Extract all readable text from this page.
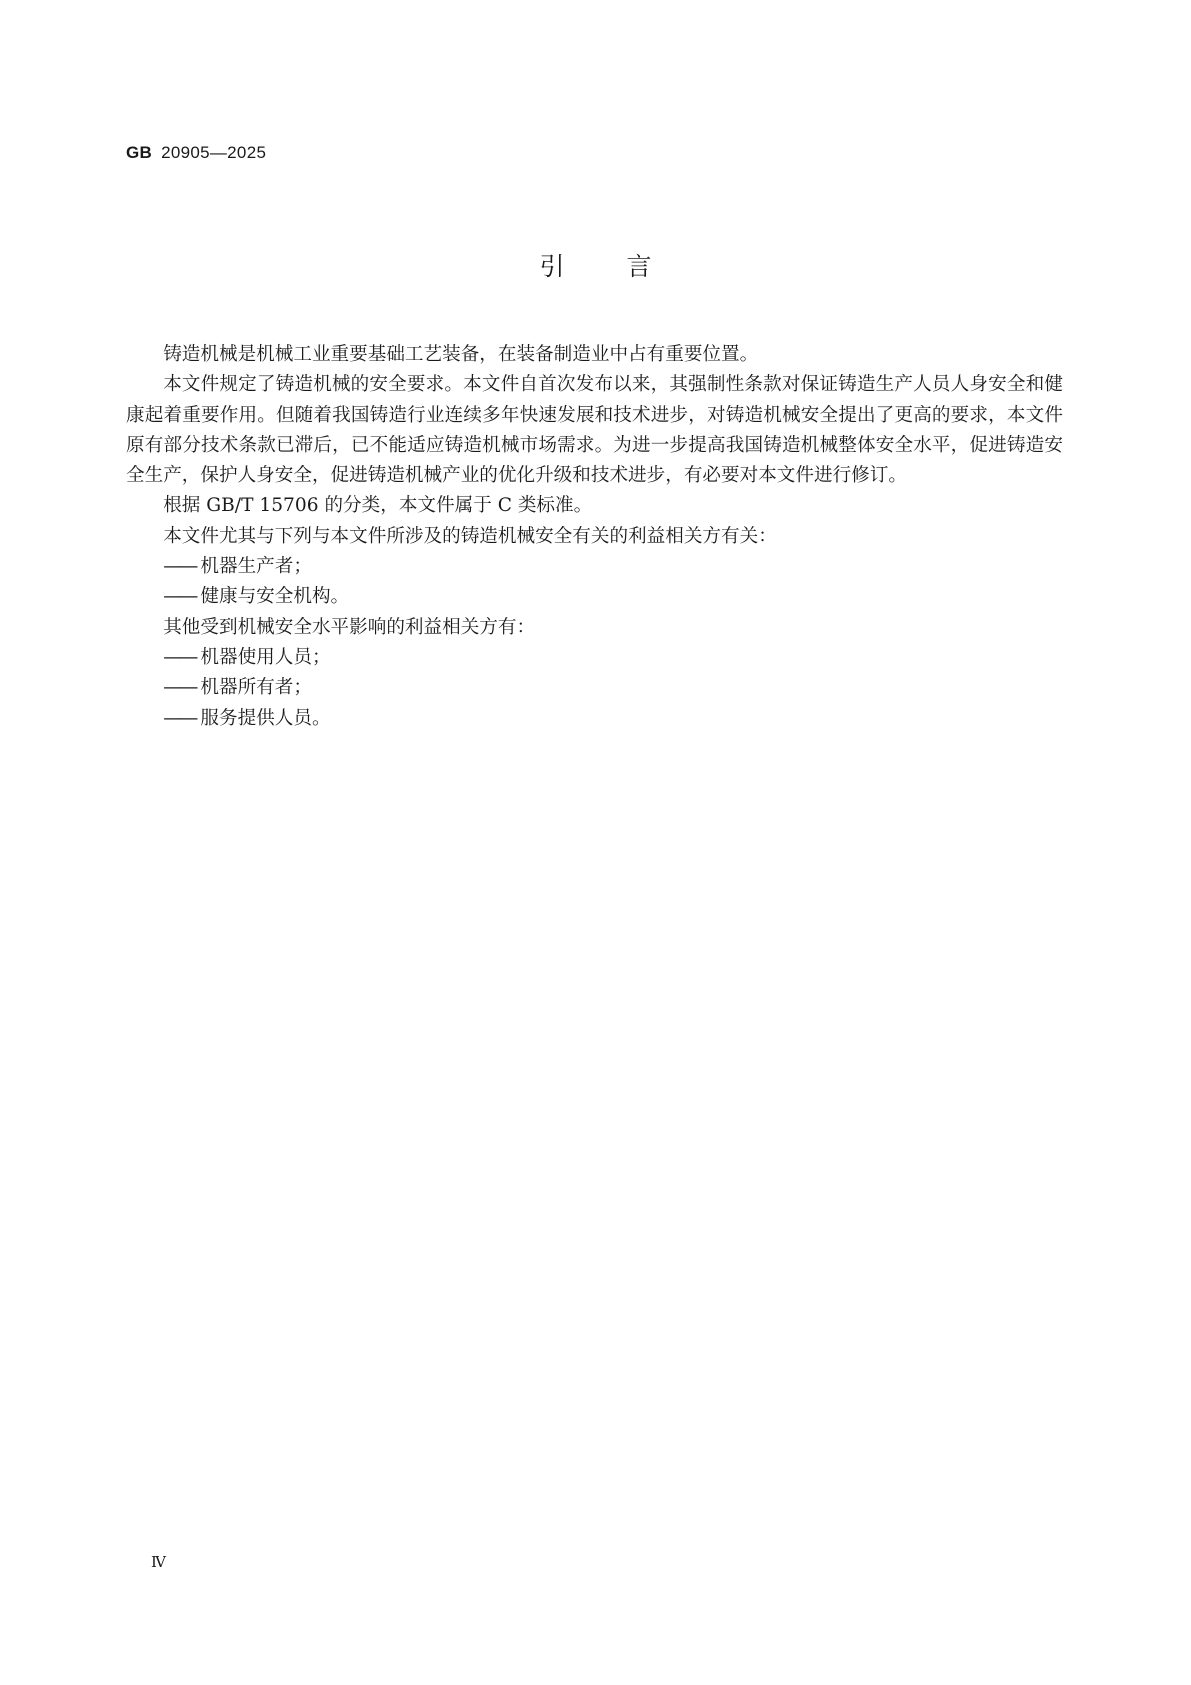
GB 20905—2025
引言

铸造机械是机械工业重要基础工艺装备，在装备制造业中占有重要位置。

本文件规定了铸造机械的安全要求。本文件自首次发布以来，其强制性条款对保证铸造生产人员人身安全和健康起着重要作用。但随着我国铸造行业连续多年快速发展和技术进步，对铸造机械安全提出了更高的要求，本文件原有部分技术条款已滞后，已不能适应铸造机械市场需求。为进一步提高我国铸造机械整体安全水平，促进铸造安全生产，保护人身安全，促进铸造机械产业的优化升级和技术进步，有必要对本文件进行修订。

根据 GB/T 15706 的分类，本文件属于 C 类标准。

本文件尤其与下列与本文件所涉及的铸造机械安全有关的利益相关方有关：

—— 机器生产者；

—— 健康与安全机构。

其他受到机械安全水平影响的利益相关方有：

—— 机器使用人员；

—— 机器所有者；

—— 服务提供人员。

Ⅳ
